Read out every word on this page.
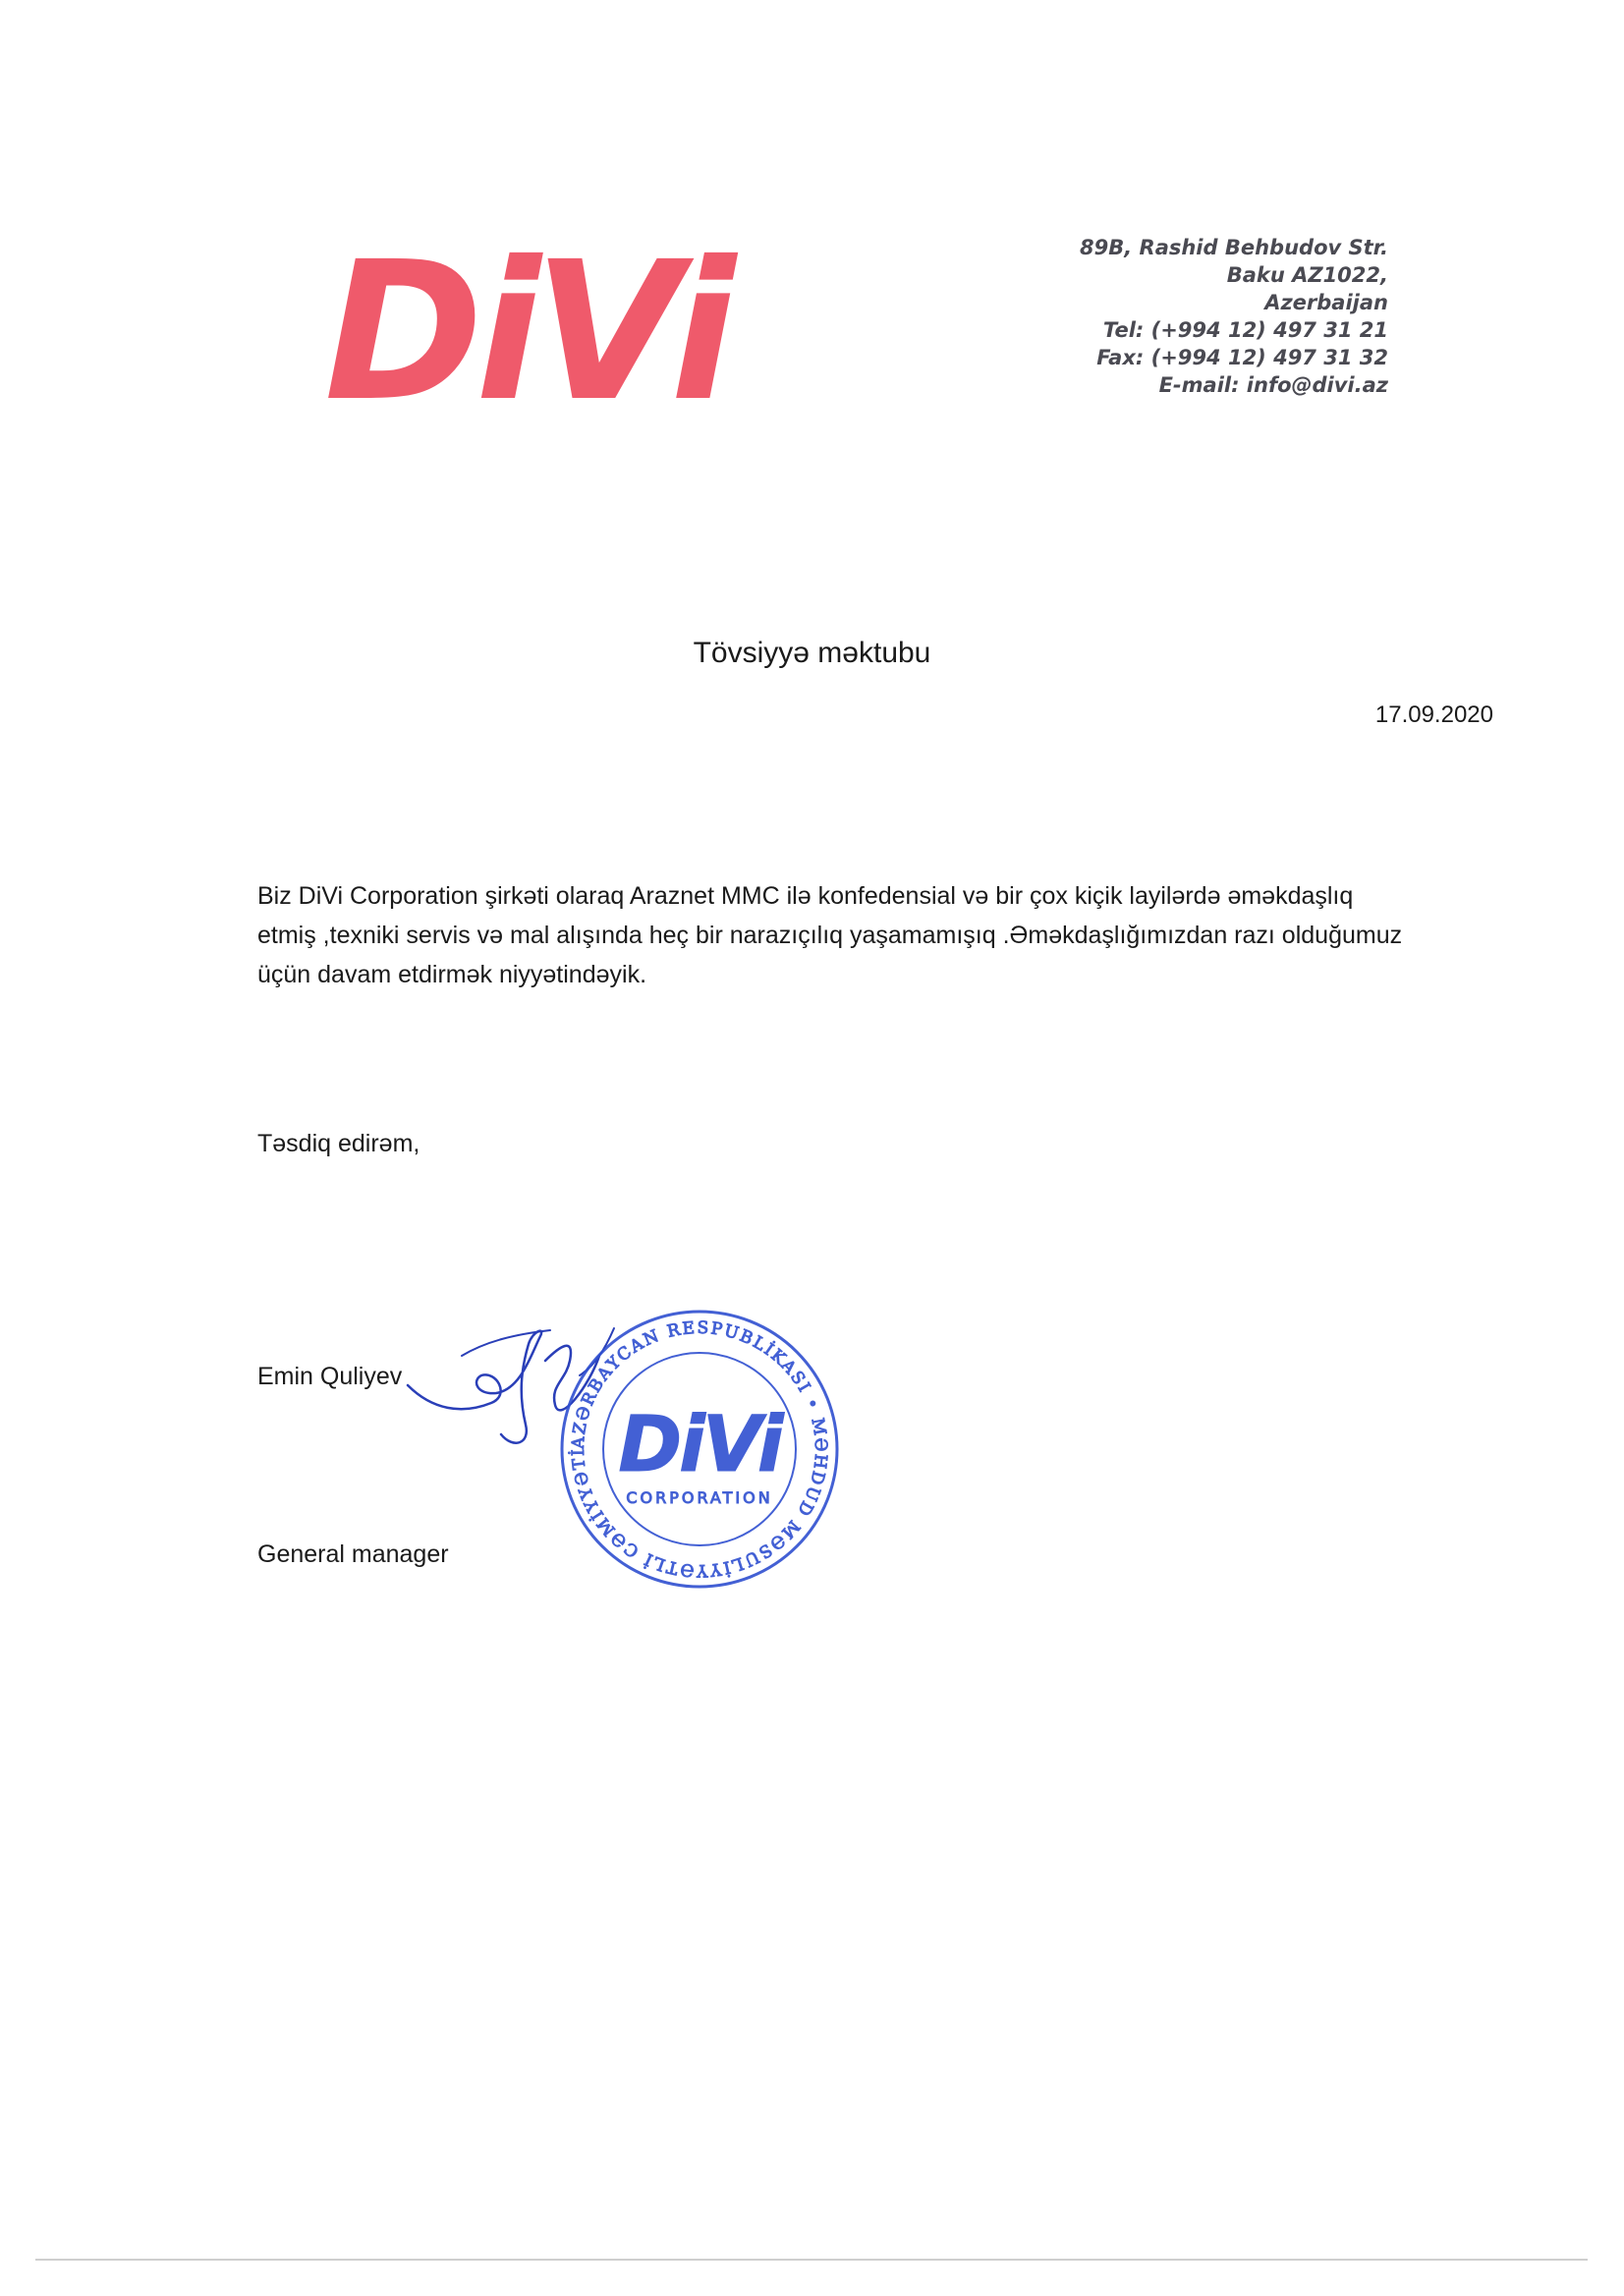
DiVi	89B, Rashid Behbudov Str.
Baku AZ1022,
Azerbaijan
Tel: (+994 12) 497 31 21
Fax: (+994 12) 497 31 32
E-mail: info@divi.az
Tövsiyyə məktubu
17.09.2020
Biz DiVi Corporation şirkəti olaraq Araznet MMC ilə konfedensial və bir çox kiçik layilərdə əməkdaşlıq
etmiş ,texniki servis və mal alışında heç bir narazıçılıq yaşamamışıq .Əməkdaşlığımızdan razı olduğumuz
üçün davam etdirmək niyyətindəyik.
Təsdiq edirəm,
Emin Quliyev
General manager
AZƏRBAYCAN RESPUBLİKASI • MƏHDUD MƏSULİYYƏTLİ CƏMİYYƏTİ DiVi
CORPORATION
